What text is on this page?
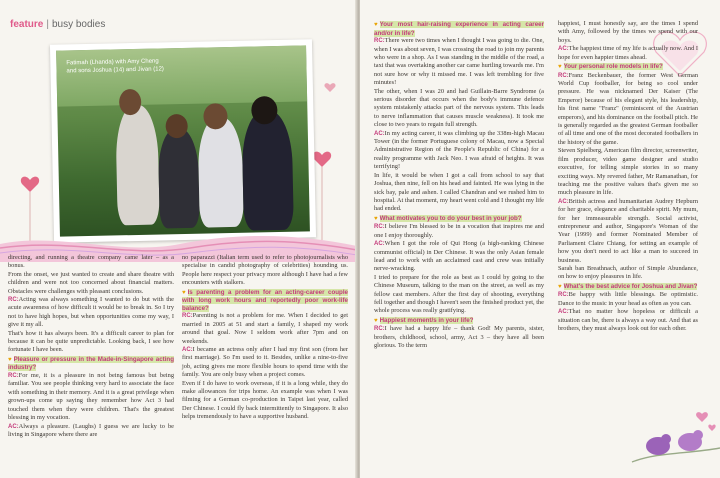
feature | busy bodies
Fatimah (Lhanda) with Amy Cheng and sons Joshua (14) and Jivan (12)

directing, and running a theatre company came later – as a bonus.

From the onset, we just wanted to create and share theatre with children and were not too concerned about financial matters. Obstacles were challenges with pleasant conclusions.

RC:Acting was always something I wanted to do but with the acute awareness of how difficult it would be to break in. So I try not to have high hopes, but when opportunities come my way, I give it my all.

That's how it has always been. It's a difficult career to plan for because it can be quite unpredictable. Looking back, I see how fortunate I have been.

♥ Pleasure or pressure in the Made-in-Singapore acting industry?

RC:For me, it is a pleasure in not being famous but being familiar. You see people thinking very hard to associate the face with something in their memory. And it is a great privilege when grown-ups come up saying they remember how Act 3 had touched them when they were children. That's the greatest blessing in my vocation.

AC:Always a pleasure. (Laughs) I guess we are lucky to be living in Singapore where there are

no paparazzi (Italian term used to refer to photojournalists who specialise in candid photography of celebrities) hounding us. People here respect your privacy more although I have had a few encounters with stalkers.

♥ Is parenting a problem for an acting-career couple with long work hours and reportedly poor work-life balance?

RC:Parenting is not a problem for me. When I decided to get married in 2005 at 51 and start a family, I shaped my work around that goal. Now I seldom work after 7pm and on weekends.

AC:I became an actress only after I had my first son (from her first marriage). So I'm used to it. Besides, unlike a nine-to-five job, acting gives me more flexible hours to spend time with the family. You are only busy when a project comes.

Even if I do have to work overseas, if it is a long while, they do make allowances for trips home. An example was when I was filming for a German co-production in Taipei last year, called Der Chinese. I could fly back intermittently to Singapore. It also helps tremendously to have a supportive husband.

♥ Your most hair-raising experience in acting career and/or in life?

RC:There were two times when I thought I was going to die. One, when I was about seven, I was crossing the road to join my parents who were in a shop. As I was standing in the middle of the road, a taxi that was overtaking another car came hurtling towards me. I'm not sure how or why it missed me. I was left trembling for five minutes!

The other, when I was 20 and had Guillain-Barre Syndrome (a serious disorder that occurs when the body's immune defence system mistakenly attacks part of the nervous system. This leads to nerve inflammation that causes muscle weakness). It took me close to two years to regain full strength.

AC:In my acting career, it was climbing up the 338m-high Macau Tower (in the former Portuguese colony of Macau, now a Special Administrative Region of the People's Republic of China) for a reality programme with Jack Neo. I was afraid of heights. It was terrifying!

In life, it would be when I got a call from school to say that Joshua, then nine, fell on his head and fainted. He was lying in the sick bay, pale and ashen. I called Chandran and we rushed him to hospital. At that moment, my heart went cold and I thought my life had ended.

♥ What motivates you to do your best in your job?

RC:I believe I'm blessed to be in a vocation that inspires me and one I enjoy thoroughly.

AC:When I got the role of Qui Hong (a high-ranking Chinese communist official) in Der Chinese. It was the only Asian female lead and to work with an acclaimed cast and crew was initially nerve-wracking.

I tried to prepare for the role as best as I could by going to the Chinese Museum, talking to the man on the street, as well as my fellow cast members. After the first day of shooting, everything fell together and though I haven't seen the finished product yet, the whole process was really gratifying.

♥ Happiest moment/s in your life?

RC:I have had a happy life – thank God! My parents, sister, brothers, childhood, school, army, Act 3 – they have all been glorious. To the term

happiest, I must honestly say, are the times I spend with Amy, followed by the times we spend with our boys.

AC:The happiest time of my life is actually now. And I hope for even happier times ahead.

♥ Your personal role models in life?

RC:Franz Beckenbauer, the former West German World Cup footballer, for being so cool under pressure. He was nicknamed Der Kaiser (The Emperor) because of his elegant style, his leadership, his first name "Franz" (reminiscent of the Austrian emperors), and his dominance on the football pitch. He is generally regarded as the greatest German footballer of all time and one of the most decorated footballers in the history of the game.

Steven Spielberg, American film director, screenwriter, film producer, video game designer and studio executive, for telling simple stories in so many exciting ways. My revered father, Mr Ramanathan, for teaching me the positive values that's given me so much pleasure in life.

AC:British actress and humanitarian Audrey Hepburn for her grace, elegance and charitable spirit. My mum, for her immeasurable strength. Social activist, entrepreneur and author, Singapore's Woman of the Year (1999) and former Nominated Member of Parliament Claire Chiang, for setting an example of how you don't need to act like a man to succeed in business.

Sarah ban Breathnach, author of Simple Abundance, on how to enjoy pleasures in life.

♥ What's the best advice for Joshua and Jivan?

RC:Be happy with little blessings. Be optimistic. Dance to the music in your head as often as you can.

AC:That no matter how hopeless or difficult a situation can be, there is always a way out. And that as brothers, they must always look out for each other.
